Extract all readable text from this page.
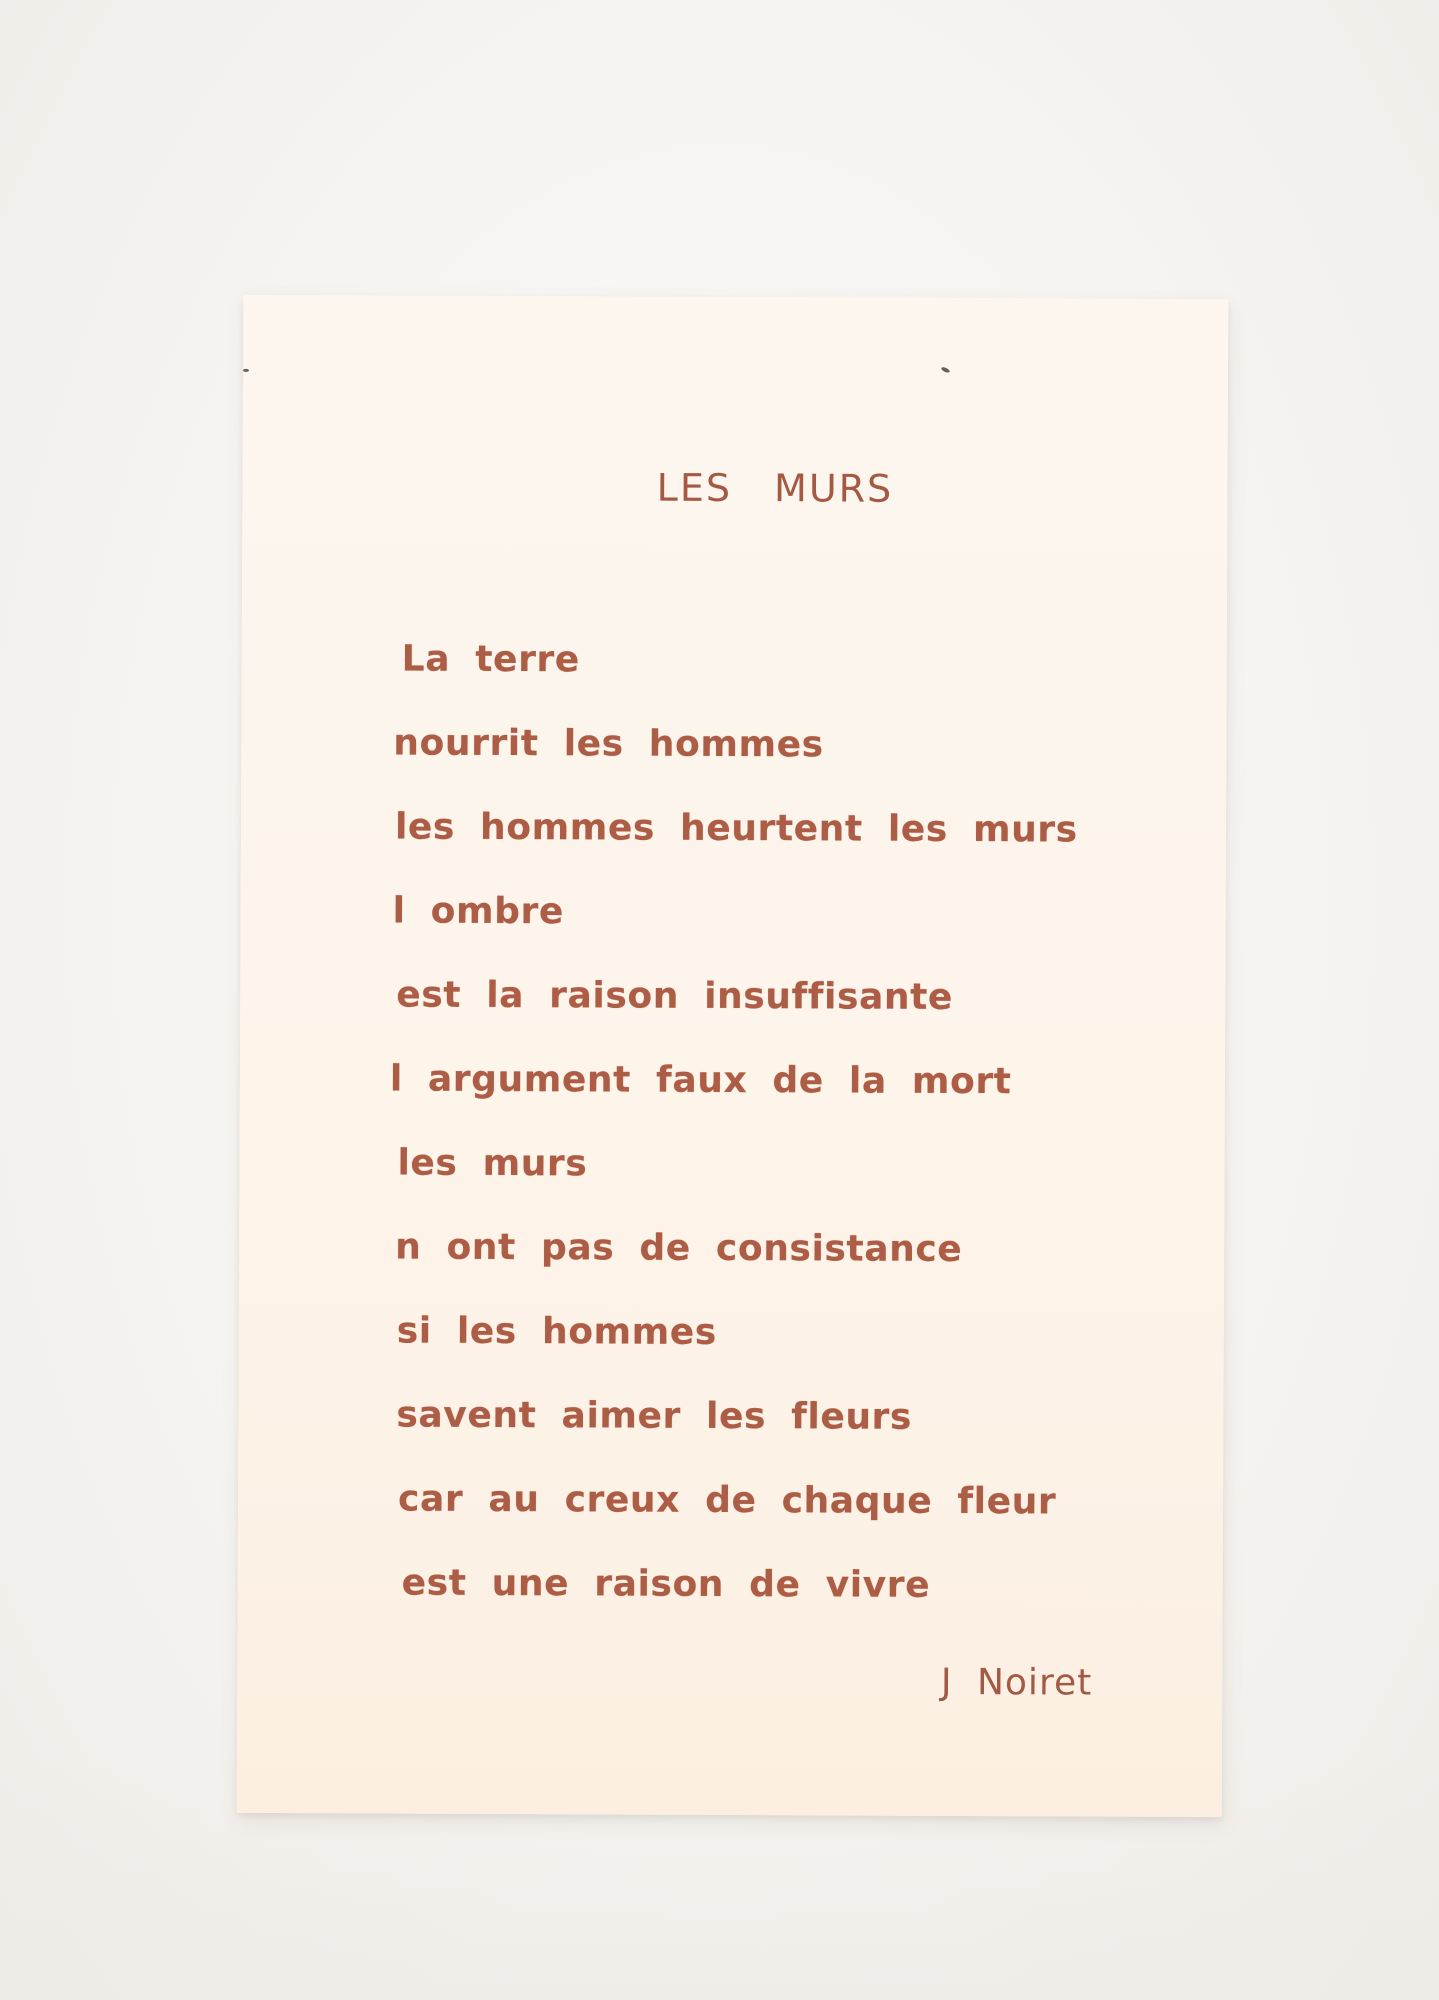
LES MURS
La terre
nourrit les hommes
les hommes heurtent les murs
l ombre
est la raison insuffisante
l argument faux de la mort
les murs
n ont pas de consistance
si les hommes
savent aimer les fleurs
car au creux de chaque fleur
est une raison de vivre
J Noiret
